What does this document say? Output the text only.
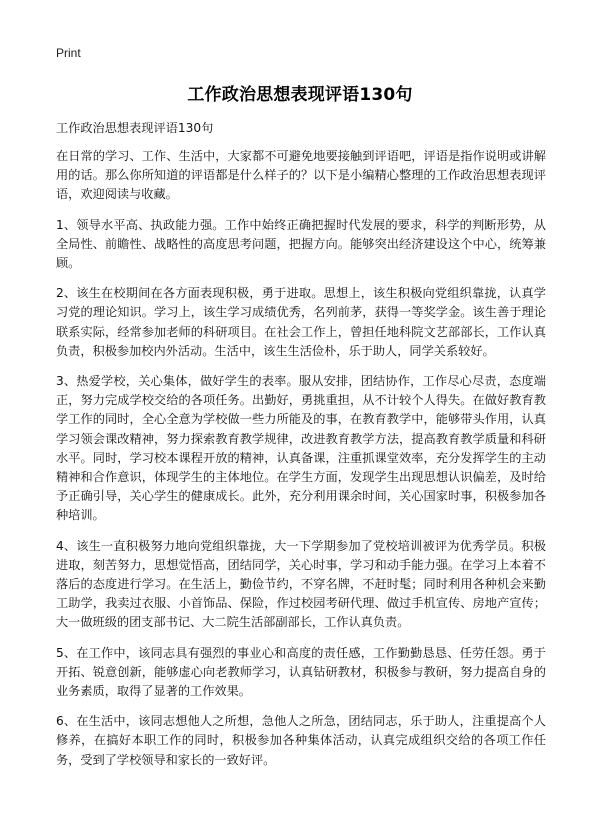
Print
工作政治思想表现评语130句
工作政治思想表现评语130句

在日常的学习、工作、生活中，大家都不可避免地要接触到评语吧，评语是指作说明或讲解用的话。那么你所知道的评语都是什么样子的？以下是小编精心整理的工作政治思想表现评语，欢迎阅读与收藏。

1、领导水平高、执政能力强。工作中始终正确把握时代发展的要求，科学的判断形势，从全局性、前瞻性、战略性的高度思考问题，把握方向。能够突出经济建设这个中心，统筹兼顾。

2、该生在校期间在各方面表现积极，勇于进取。思想上，该生积极向党组织靠拢，认真学习党的理论知识。学习上，该生学习成绩优秀，名列前茅，获得一等奖学金。该生善于理论联系实际，经常参加老师的科研项目。在社会工作上，曾担任地科院文艺部部长，工作认真负责，积极参加校内外活动。生活中，该生生活俭朴，乐于助人，同学关系较好。

3、热爱学校，关心集体，做好学生的表率。服从安排，团结协作，工作尽心尽责，态度端正，努力完成学校交给的各项任务。出勤好，勇挑重担，从不计较个人得失。在做好教育教学工作的同时，全心全意为学校做一些力所能及的事，在教育教学中，能够带头作用，认真学习领会课改精神，努力探索教育教学规律，改进教育教学方法，提高教育教学质量和科研水平。同时，学习校本课程开放的精神，认真备课，注重抓课堂效率，充分发挥学生的主动精神和合作意识，体现学生的主体地位。在学生方面，发现学生出现思想认识偏差，及时给予正确引导，关心学生的健康成长。此外，充分利用课余时间，关心国家时事，积极参加各种培训。

4、该生一直积极努力地向党组织靠拢，大一下学期参加了党校培训被评为优秀学员。积极进取，刻苦努力，思想觉悟高，团结同学，关心时事，学习和动手能力强。在学习上本着不落后的态度进行学习。在生活上，勤俭节约，不穿名牌，不赶时髦；同时利用各种机会来勤工助学，我卖过衣服、小首饰品、保险，作过校园考研代理、做过手机宣传、房地产宣传；大一做班级的团支部书记、大二院生活部副部长，工作认真负责。

5、在工作中，该同志具有强烈的事业心和高度的责任感，工作勤勤恳恳、任劳任怨。勇于开拓、锐意创新，能够虚心向老教师学习，认真钻研教材，积极参与教研，努力提高自身的业务素质，取得了显著的工作效果。

6、在生活中，该同志想他人之所想，急他人之所急，团结同志，乐于助人，注重提高个人修养，在搞好本职工作的同时，积极参加各种集体活动，认真完成组织交给的各项工作任务，受到了学校领导和家长的一致好评。
